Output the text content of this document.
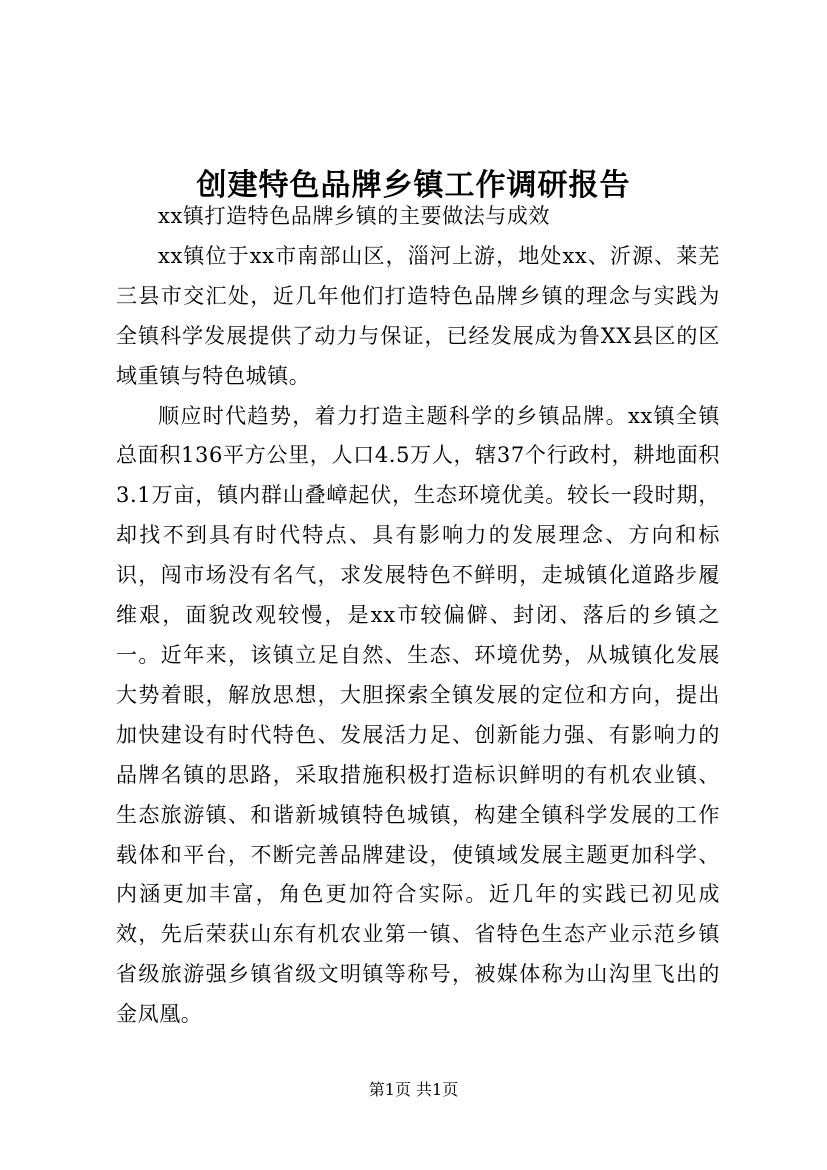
创建特色品牌乡镇工作调研报告

xx镇打造特色品牌乡镇的主要做法与成效

xx镇位于xx市南部山区，淄河上游，地处xx、沂源、莱芜三县市交汇处，近几年他们打造特色品牌乡镇的理念与实践为全镇科学发展提供了动力与保证，已经发展成为鲁XX县区的区域重镇与特色城镇。

顺应时代趋势，着力打造主题科学的乡镇品牌。xx镇全镇总面积136平方公里，人口4.5万人，辖37个行政村，耕地面积3.1万亩，镇内群山叠嶂起伏，生态环境优美。较长一段时期，却找不到具有时代特点、具有影响力的发展理念、方向和标识，闯市场没有名气，求发展特色不鲜明，走城镇化道路步履维艰，面貌改观较慢，是xx市较偏僻、封闭、落后的乡镇之一。近年来，该镇立足自然、生态、环境优势，从城镇化发展大势着眼，解放思想，大胆探索全镇发展的定位和方向，提出加快建设有时代特色、发展活力足、创新能力强、有影响力的品牌名镇的思路，采取措施积极打造标识鲜明的有机农业镇、生态旅游镇、和谐新城镇特色城镇，构建全镇科学发展的工作载体和平台，不断完善品牌建设，使镇域发展主题更加科学、内涵更加丰富，角色更加符合实际。近几年的实践已初见成效，先后荣获山东有机农业第一镇、省特色生态产业示范乡镇省级旅游强乡镇省级文明镇等称号，被媒体称为山沟里飞出的金凤凰。

第1页 共1页
